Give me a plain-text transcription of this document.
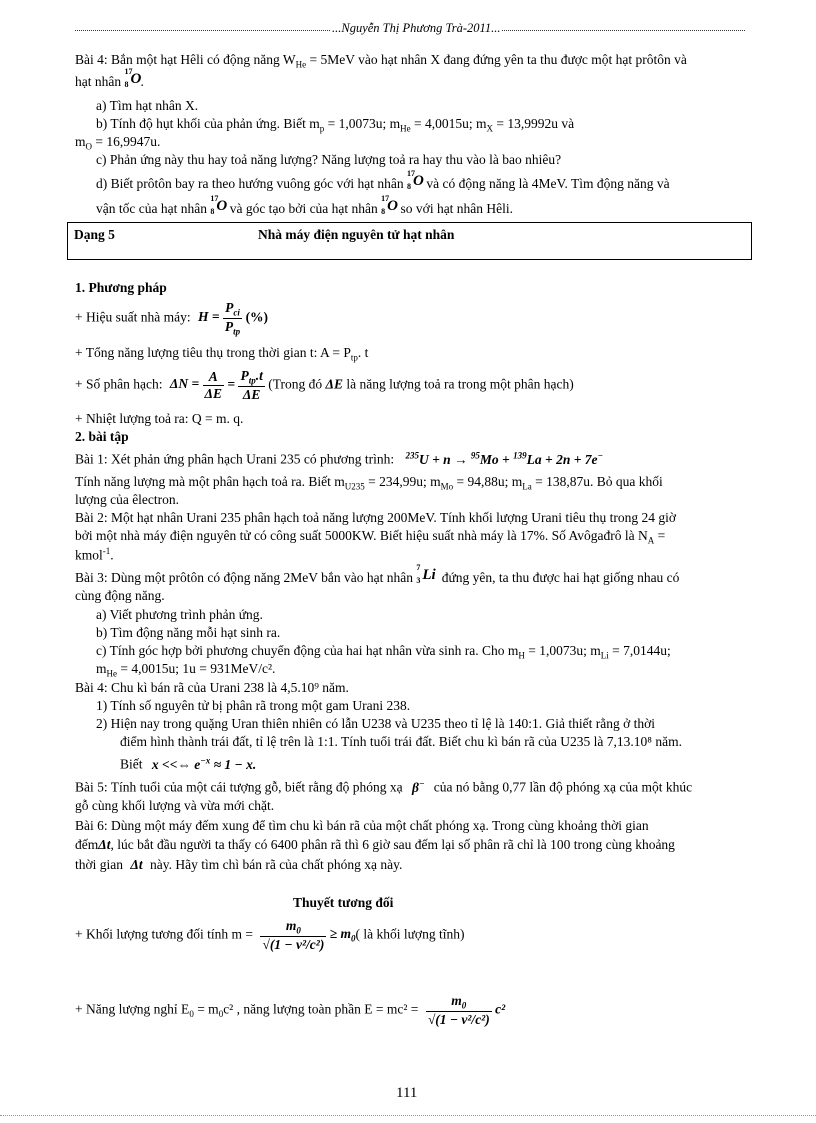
...Nguyễn Thị Phương Trà-2011...
Bài 4: Bắn một hạt Hêli có động năng $W_{He} = 5MeV$ vào hạt nhân X đang đứng yên ta thu được một hạt prôtôn và
hạt nhân
17
8 O .
a) Tìm hạt nhân X.
b) Tính độ hụt khối của phản ứng. Biết $m_p = 1,0073u$; $m_{He} = 4,0015u$; $m_X = 13,9992u$ và
$m_O = 16,9947u$.
c) Phản ứng này thu hay toả năng lượng? Năng lượng toả ra hay thu vào là bao nhiêu?
d) Biết prôtôn bay ra theo hướng vuông góc với hạt nhân
17
8 O và có động năng là 4MeV. Tìm động năng và
vận tốc của hạt nhân
17
8 O và góc tạo bởi của hạt nhân
17
8 O so với hạt nhân Hêli.
Dạng 5	Nhà máy điện nguyên tử hạt nhân
1. Phương pháp
+ Hiệu suất nhà máy: $H = \frac{P_{ci}}{P_{tp}}$ (%)
+ Tổng năng lượng tiêu thụ trong thời gian t: $A = P_{tp}$. t
+ Số phân hạch: $\Delta N = \frac{A}{\Delta E} = \frac{P_{tp}.t}{\Delta E}$ (Trong đó ΔE là năng lượng toả ra trong một phân hạch)
+ Nhiệt lượng toả ra: Q = m. q.
2. bài tập
Bài 1: Xét phản ứng phân hạch Urani 235 có phương trình: $^{235}$U + n → $^{95}$Mo + $^{139}$La + 2n + 7e−
Tính năng lượng mà một phân hạch toả ra. Biết $m_{U235} = 234,99u$; $m_{Mo} = 94,88u$; $m_{La} = 138,87u$. Bỏ qua khối
lượng của êlectron.
Bài 2: Một hạt nhân Urani 235 phân hạch toả năng lượng 200MeV. Tính khối lượng Urani tiêu thụ trong 24 giờ
bởi một nhà máy điện nguyên tử có công suất 5000KW. Biết hiệu suất nhà máy là 17%. Số Avôgađrô là $N_A$ =
kmol$^{-1}$.
Bài 3: Dùng một prôtôn có động năng 2MeV bắn vào hạt nhân
7
3 Li đứng yên, ta thu được hai hạt giống nhau có
cùng động năng.
a) Viết phương trình phản ứng.
b) Tìm động năng mỗi hạt sinh ra.
c) Tính góc hợp bởi phương chuyển động của hai hạt nhân vừa sinh ra. Cho $m_H = 1,0073u$; $m_{Li} = 7,0144u$;
$m_{He} = 4,0015u$; 1u = 931MeV/c².
Bài 4: Chu kì bán rã của Urani 238 là 4,5.10⁹ năm.
1) Tính số nguyên tử bị phân rã trong một gam Urani 238.
2) Hiện nay trong quặng Uran thiên nhiên có lẫn U238 và U235 theo tỉ lệ là 140:1. Giả thiết rằng ở thời
điểm hình thành trái đất, tỉ lệ trên là 1:1. Tính tuổi trái đất. Biết chu kì bán rã của U235 là 7,13.10⁸ năm.
Biết x <<⇔ $e^{-x} \approx 1 - x$.
Bài 5: Tính tuổi của một cái tượng gỗ, biết rằng độ phóng xạ β− của nó bằng 0,77 lần độ phóng xạ của một khúc
gỗ cùng khối lượng và vừa mới chặt.
Bài 6: Dùng một máy đếm xung để tìm chu kì bán rã của một chất phóng xạ. Trong cùng khoảng thời gian
đếmΔt, lúc bắt đầu người ta thấy có 6400 phân rã thì 6 giờ sau đếm lại số phân rã chỉ là 100 trong cùng khoảng
thời gian Δt này. Hãy tìm chì bán rã của chất phóng xạ này.
Thuyết tương đối
+ Khối lượng tương đối tính $m = \frac{m_0}{\text{√(1 − v²/c²)}} \ge m_0$( là khối lượng tĩnh)
+ Năng lượng nghỉ $E_0 = m_0c^2$ , năng lượng toàn phần $E = mc^2 = \frac{m_0}{\text{√(1 − v²/c²)}} c^2$
111
